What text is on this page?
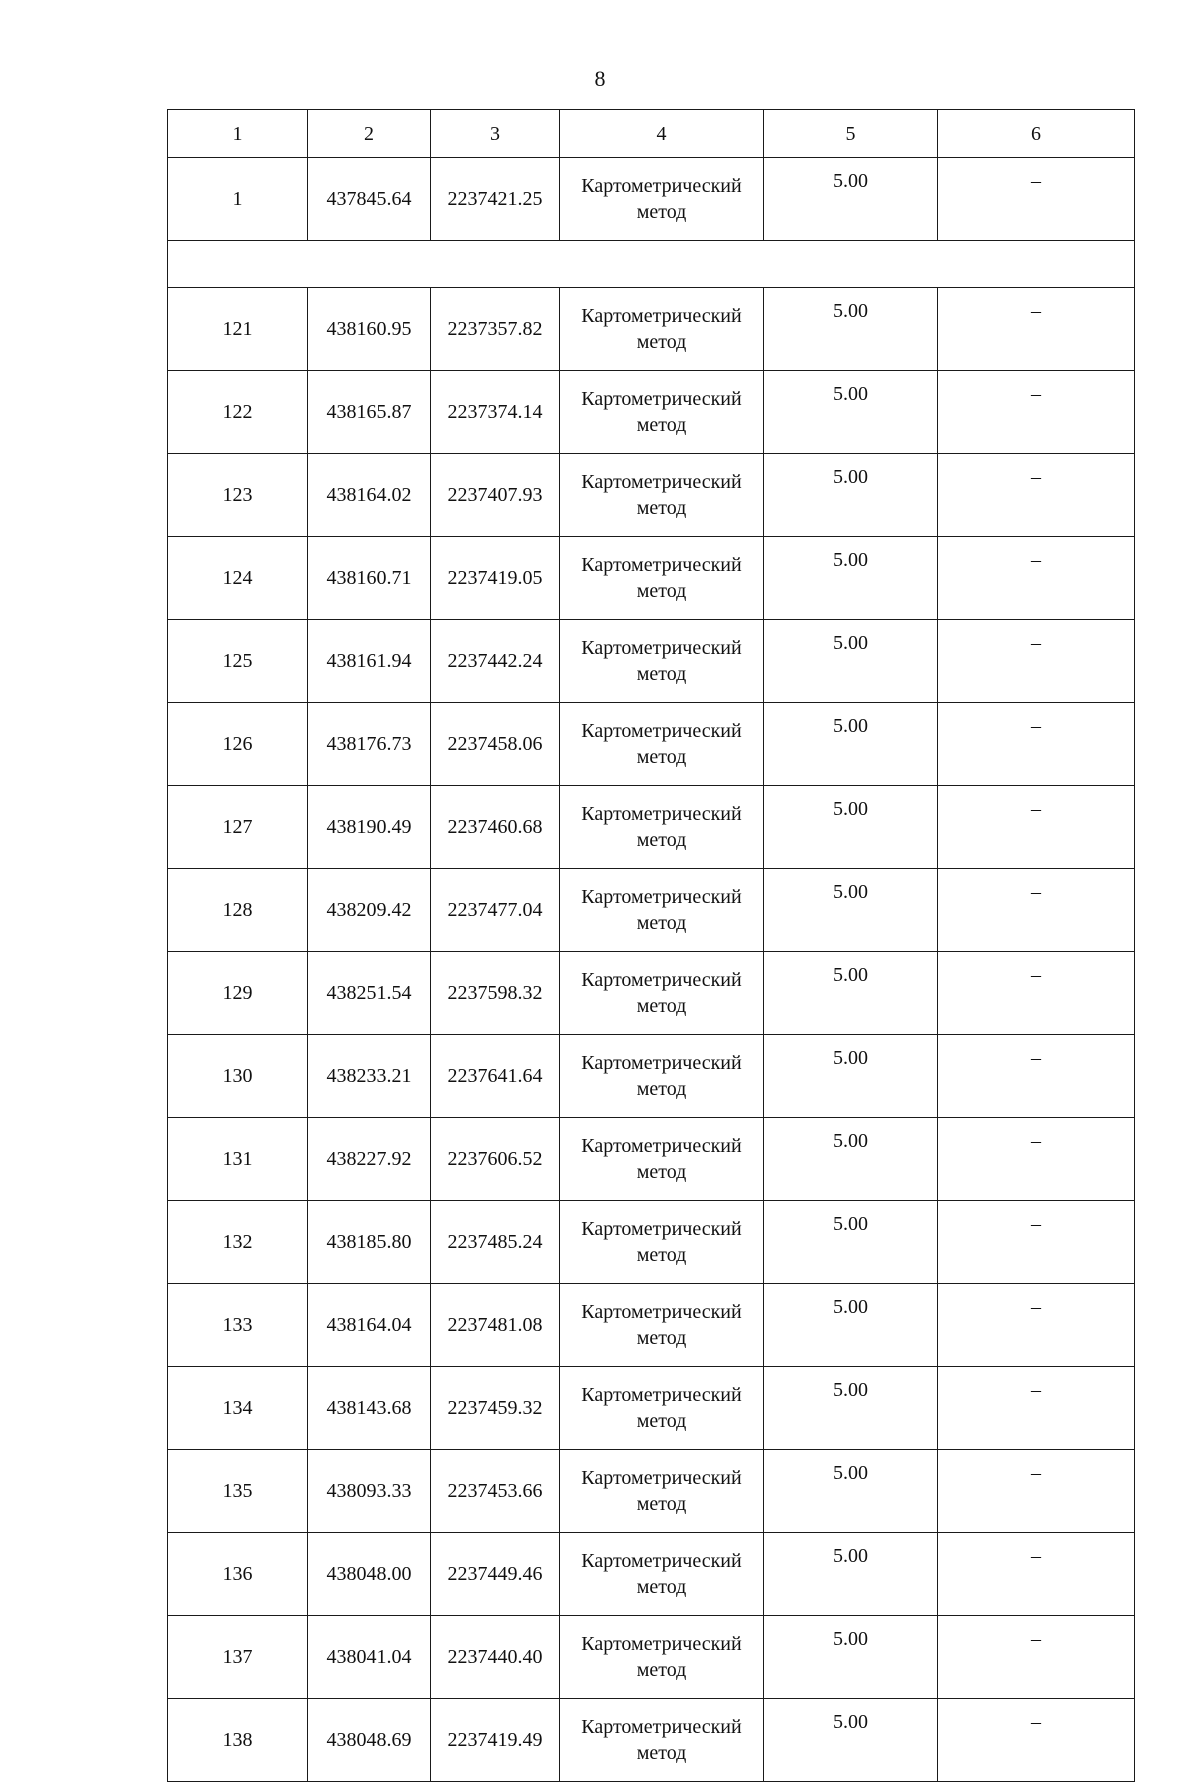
8
1	2	3	4	5	6
1	437845.64	2237421.25	Картометрический
метод	5.00	–

121	438160.95	2237357.82	Картометрический
метод	5.00	–
122	438165.87	2237374.14	Картометрический
метод	5.00	–
123	438164.02	2237407.93	Картометрический
метод	5.00	–
124	438160.71	2237419.05	Картометрический
метод	5.00	–
125	438161.94	2237442.24	Картометрический
метод	5.00	–
126	438176.73	2237458.06	Картометрический
метод	5.00	–
127	438190.49	2237460.68	Картометрический
метод	5.00	–
128	438209.42	2237477.04	Картометрический
метод	5.00	–
129	438251.54	2237598.32	Картометрический
метод	5.00	–
130	438233.21	2237641.64	Картометрический
метод	5.00	–
131	438227.92	2237606.52	Картометрический
метод	5.00	–
132	438185.80	2237485.24	Картометрический
метод	5.00	–
133	438164.04	2237481.08	Картометрический
метод	5.00	–
134	438143.68	2237459.32	Картометрический
метод	5.00	–
135	438093.33	2237453.66	Картометрический
метод	5.00	–
136	438048.00	2237449.46	Картометрический
метод	5.00	–
137	438041.04	2237440.40	Картометрический
метод	5.00	–
138	438048.69	2237419.49	Картометрический
метод	5.00	–
